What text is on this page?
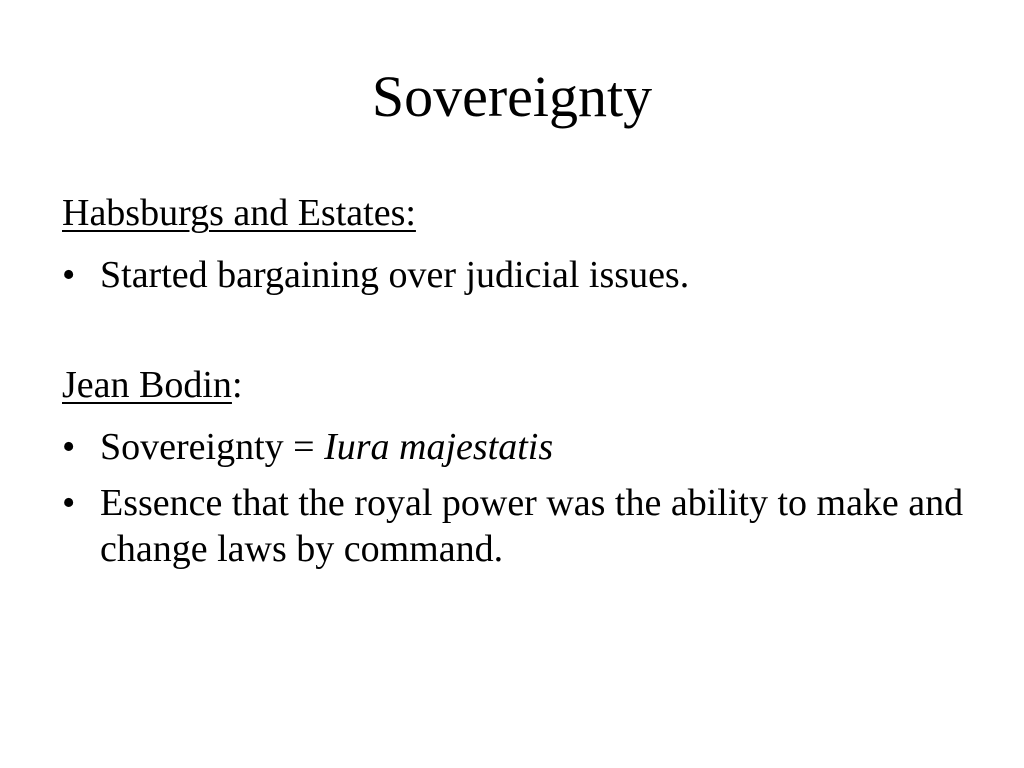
Sovereignty
Habsburgs and Estates:
• Started bargaining over judicial issues.
Jean Bodin:
• Sovereignty = Iura majestatis
• Essence that the royal power was the ability to make and change laws by command.
